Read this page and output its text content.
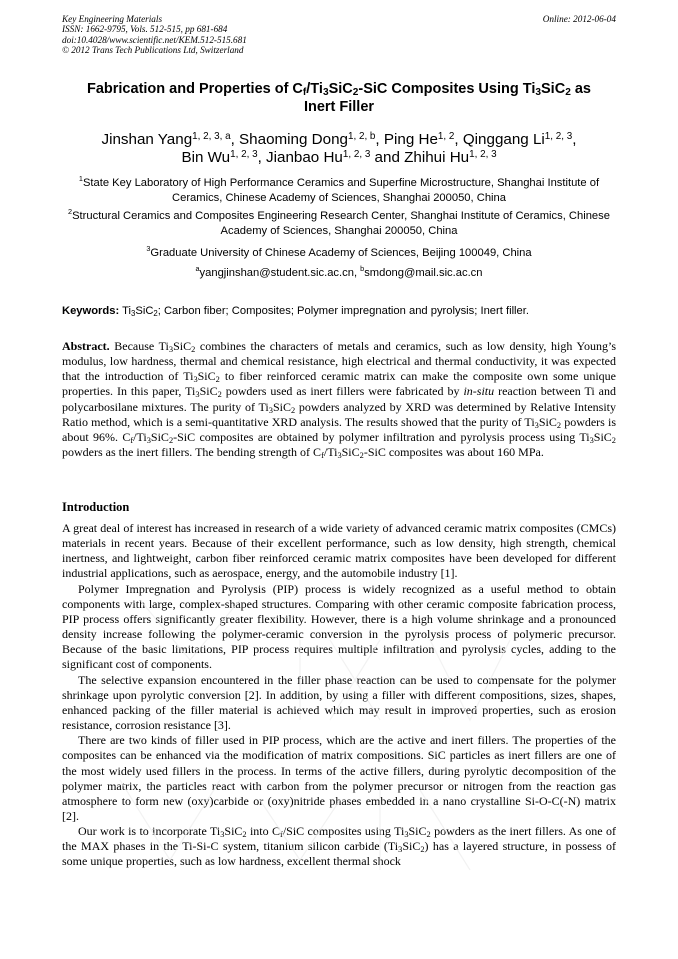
Key Engineering Materials
ISSN: 1662-9795, Vols. 512-515, pp 681-684
doi:10.4028/www.scientific.net/KEM.512-515.681
© 2012 Trans Tech Publications Ltd, Switzerland
Online: 2012-06-04
Fabrication and Properties of $C_f/Ti_3SiC_2$-SiC Composites Using $Ti_3SiC_2$ as
Inert Filler
Jinshan Yang$^{1, 2, 3, a}$, Shaoming Dong$^{1, 2, b}$, Ping He$^{1, 2}$, Qinggang Li$^{1, 2, 3}$,
Bin Wu$^{1, 2, 3}$, Jianbao Hu$^{1, 2, 3}$ and Zhihui Hu$^{1, 2, 3}$
$^1$State Key Laboratory of High Performance Ceramics and Superfine Microstructure, Shanghai Institute of Ceramics, Chinese Academy of Sciences, Shanghai 200050, China
$^2$Structural Ceramics and Composites Engineering Research Center, Shanghai Institute of Ceramics, Chinese Academy of Sciences, Shanghai 200050, China
$^3$Graduate University of Chinese Academy of Sciences, Beijing 100049, China
$^a$yangjinshan@student.sic.ac.cn, $^b$smdong@mail.sic.ac.cn
Keywords: $Ti_3SiC_2$; Carbon fiber; Composites; Polymer impregnation and pyrolysis; Inert filler.

Abstract. Because $Ti_3SiC_2$ combines the characters of metals and ceramics, such as low density, high Young’s modulus, low hardness, thermal and chemical resistance, high electrical and thermal conductivity, it was expected that the introduction of $Ti_3SiC_2$ to fiber reinforced ceramic matrix can make the composite own some unique properties. In this paper, $Ti_3SiC_2$ powders used as inert fillers were fabricated by in-situ reaction between Ti and polycarbosilane mixtures. The purity of $Ti_3SiC_2$ powders analyzed by XRD was determined by Relative Intensity Ratio method, which is a semi-quantitative XRD analysis. The results showed that the purity of $Ti_3SiC_2$ powders is about 96%. $C_f/Ti_3SiC_2$-SiC composites are obtained by polymer infiltration and pyrolysis process using $Ti_3SiC_2$ powders as the inert fillers. The bending strength of $C_f/Ti_3SiC_2$-SiC composites was about 160 MPa.

Introduction

A great deal of interest has increased in research of a wide variety of advanced ceramic matrix composites (CMCs) materials in recent years. Because of their excellent performance, such as low density, high strength, chemical inertness, and lightweight, carbon fiber reinforced ceramic matrix composites have been developed for different industrial applications, such as aerospace, energy, and the automobile industry [1].

Polymer Impregnation and Pyrolysis (PIP) process is widely recognized as a useful method to obtain components with large, complex-shaped structures. Comparing with other ceramic composite fabrication process, PIP process offers significantly greater flexibility. However, there is a high volume shrinkage and a pronounced density increase following the polymer-ceramic conversion in the pyrolysis process of polymeric precursor. Because of the basic limitations, PIP process requires multiple infiltration and pyrolysis cycles, adding to the significant cost of components.

The selective expansion encountered in the filler phase reaction can be used to compensate for the polymer shrinkage upon pyrolytic conversion [2]. In addition, by using a filler with different compositions, sizes, shapes, enhanced packing of the filler material is achieved which may result in improved properties, such as erosion resistance, corrosion resistance [3].

There are two kinds of filler used in PIP process, which are the active and inert fillers. The properties of the composites can be enhanced via the modification of matrix compositions. SiC particles as inert fillers are one of the most widely used fillers in the process. In terms of the active fillers, during pyrolytic decomposition of the polymer matrix, the particles react with carbon from the polymer precursor or nitrogen from the reaction gas atmosphere to form new (oxy)carbide or (oxy)nitride phases embedded in a nano crystalline Si-O-C(-N) matrix [2].

Our work is to incorporate $Ti_3SiC_2$ into $C_f$/SiC composites using $Ti_3SiC_2$ powders as the inert fillers. As one of the MAX phases in the Ti-Si-C system, titanium silicon carbide $(Ti_3SiC_2)$ has a layered structure, in possess of some unique properties, such as low hardness, excellent thermal shock
